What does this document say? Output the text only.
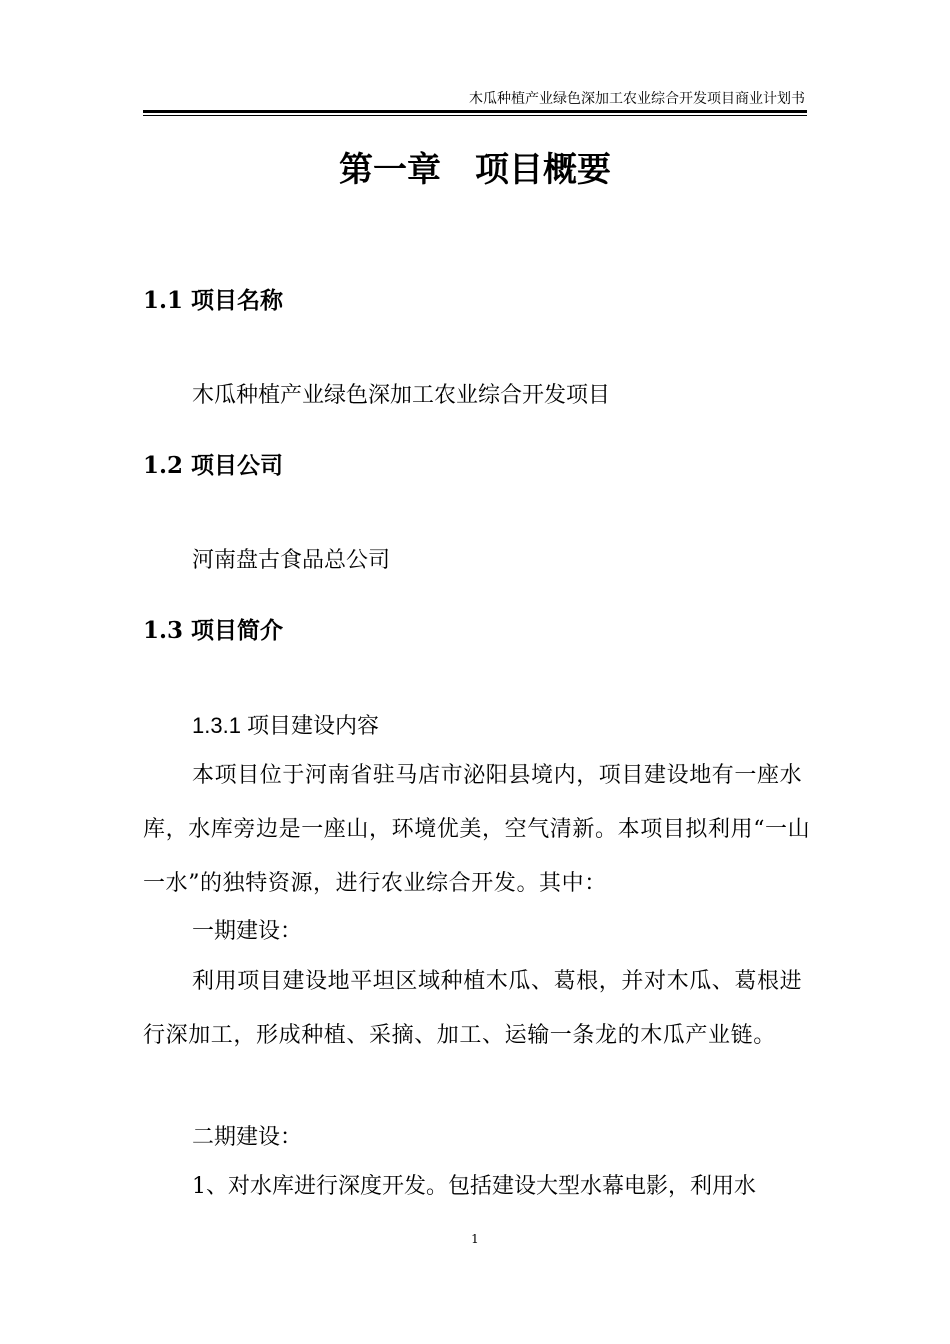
木瓜种植产业绿色深加工农业综合开发项目商业计划书
第一章　项目概要
1.1 项目名称
木瓜种植产业绿色深加工农业综合开发项目
1.2 项目公司
河南盘古食品总公司
1.3 项目简介
1.3.1 项目建设内容
本项目位于河南省驻马店市泌阳县境内，项目建设地有一座水库，水库旁边是一座山，环境优美，空气清新。本项目拟利用“一山一水”的独特资源，进行农业综合开发。其中：
一期建设：
利用项目建设地平坦区域种植木瓜、葛根，并对木瓜、葛根进行深加工，形成种植、采摘、加工、运输一条龙的木瓜产业链。
二期建设：
1、对水库进行深度开发。包括建设大型水幕电影，利用水
1
